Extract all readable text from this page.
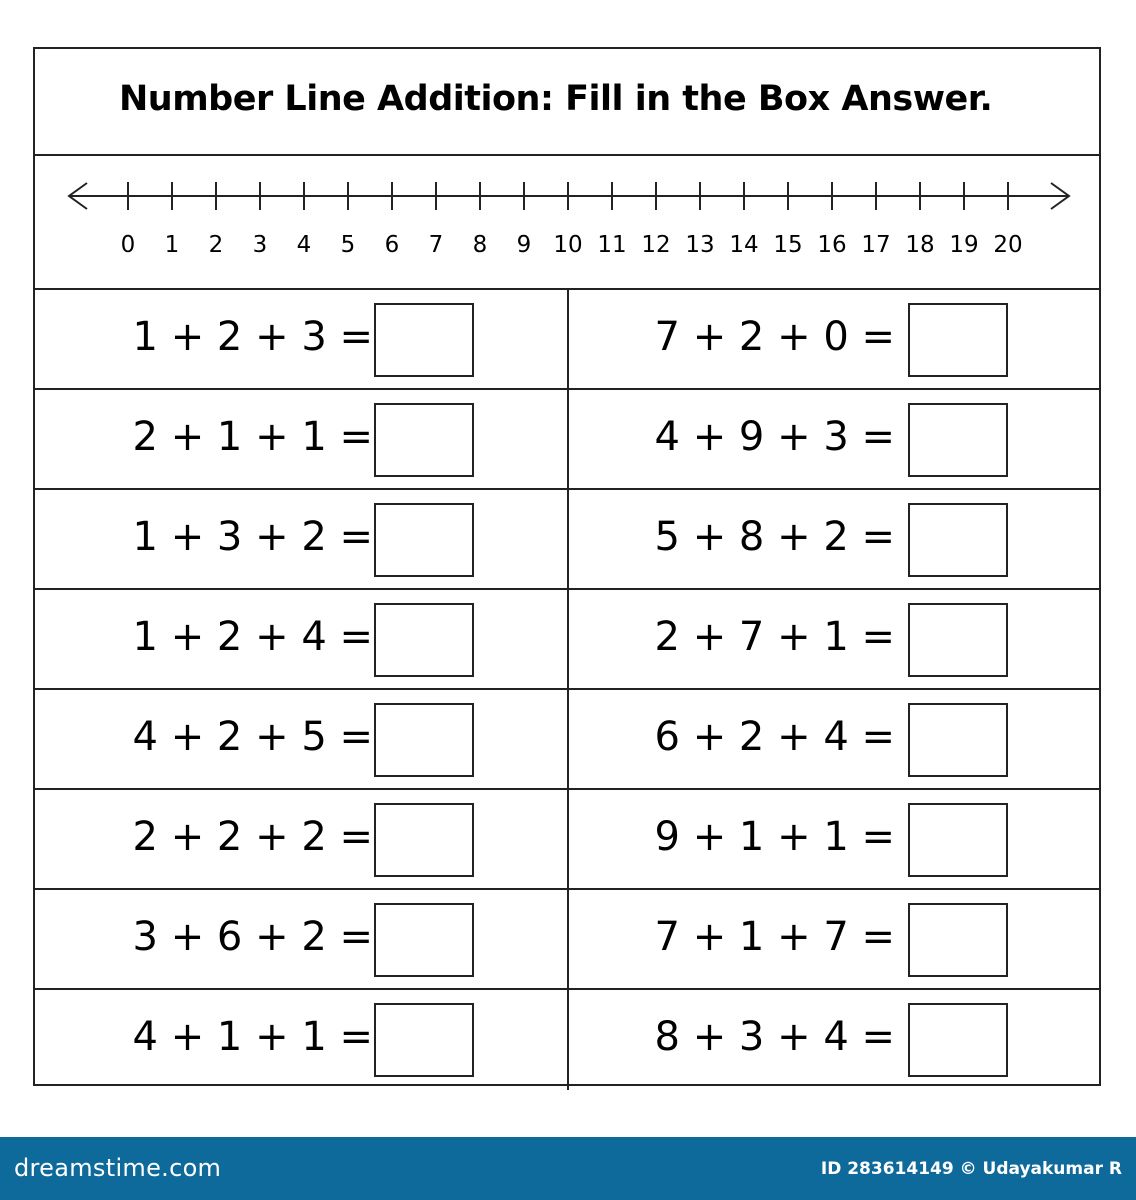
Number Line Addition: Fill in the Box Answer.
0 1 2 3 4 5 6 7 8 9 10 11 12 13 14 15 16 17 18 19 20
1 + 2 + 3 =	7 + 2 + 0 =
2 + 1 + 1 =	4 + 9 + 3 =
1 + 3 + 2 =	5 + 8 + 2 =
1 + 2 + 4 =	2 + 7 + 1 =
4 + 2 + 5 =	6 + 2 + 4 =
2 + 2 + 2 =	9 + 1 + 1 =
3 + 6 + 2 =	7 + 1 + 7 =
4 + 1 + 1 =	8 + 3 + 4 =
dreamstime.com	ID 283614149 © Udayakumar R
